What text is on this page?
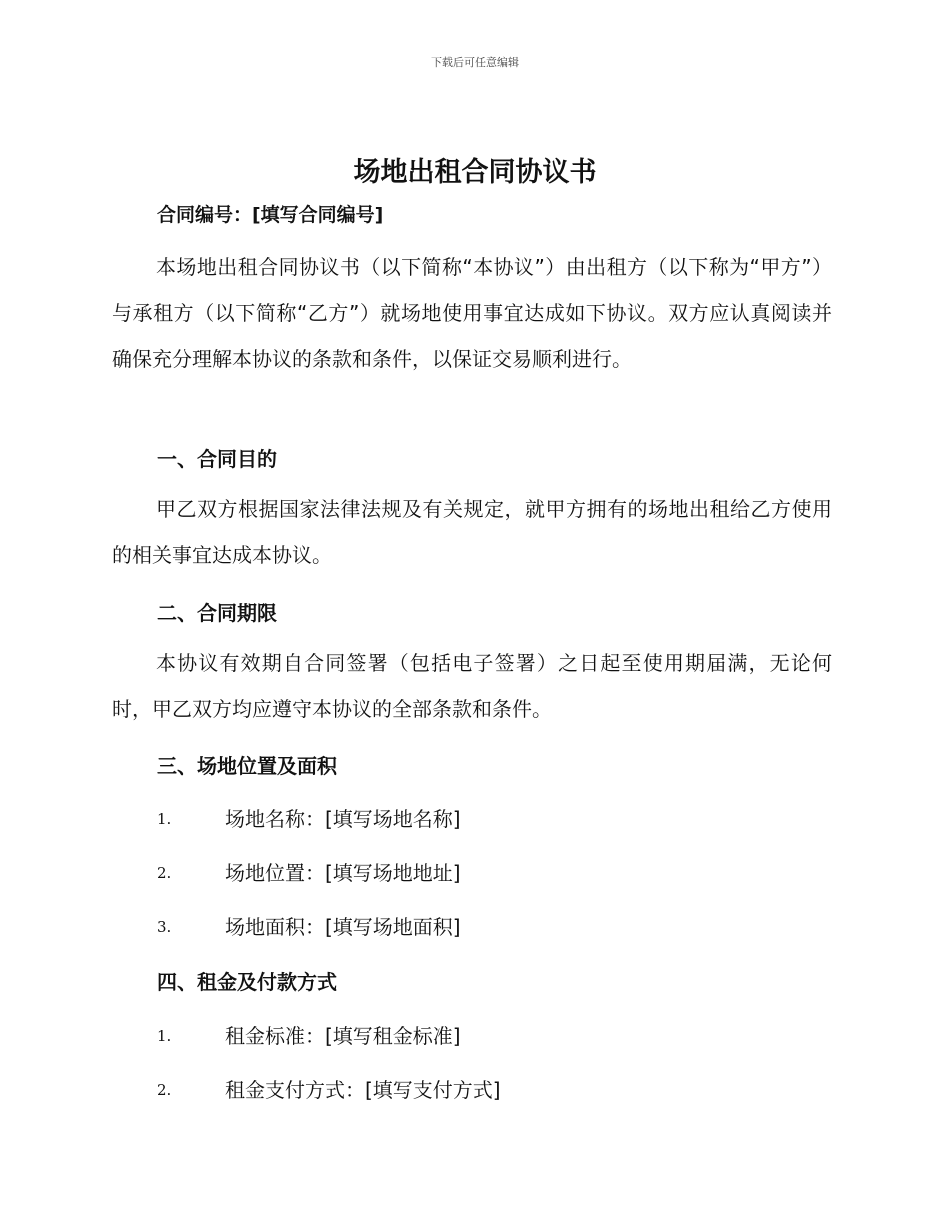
下载后可任意编辑
场地出租合同协议书
合同编号：[填写合同编号]
本场地出租合同协议书（以下简称“本协议”）由出租方（以下称为“甲方”）与承租方（以下简称“乙方”）就场地使用事宜达成如下协议。双方应认真阅读并确保充分理解本协议的条款和条件，以保证交易顺利进行。
一、合同目的
甲乙双方根据国家法律法规及有关规定，就甲方拥有的场地出租给乙方使用的相关事宜达成本协议。
二、合同期限
本协议有效期自合同签署（包括电子签署）之日起至使用期届满，无论何时，甲乙双方均应遵守本协议的全部条款和条件。
三、场地位置及面积
1.	场地名称：[填写场地名称]
2.	场地位置：[填写场地地址]
3.	场地面积：[填写场地面积]
四、租金及付款方式
1.	租金标准：[填写租金标准]
2.	租金支付方式：[填写支付方式]
